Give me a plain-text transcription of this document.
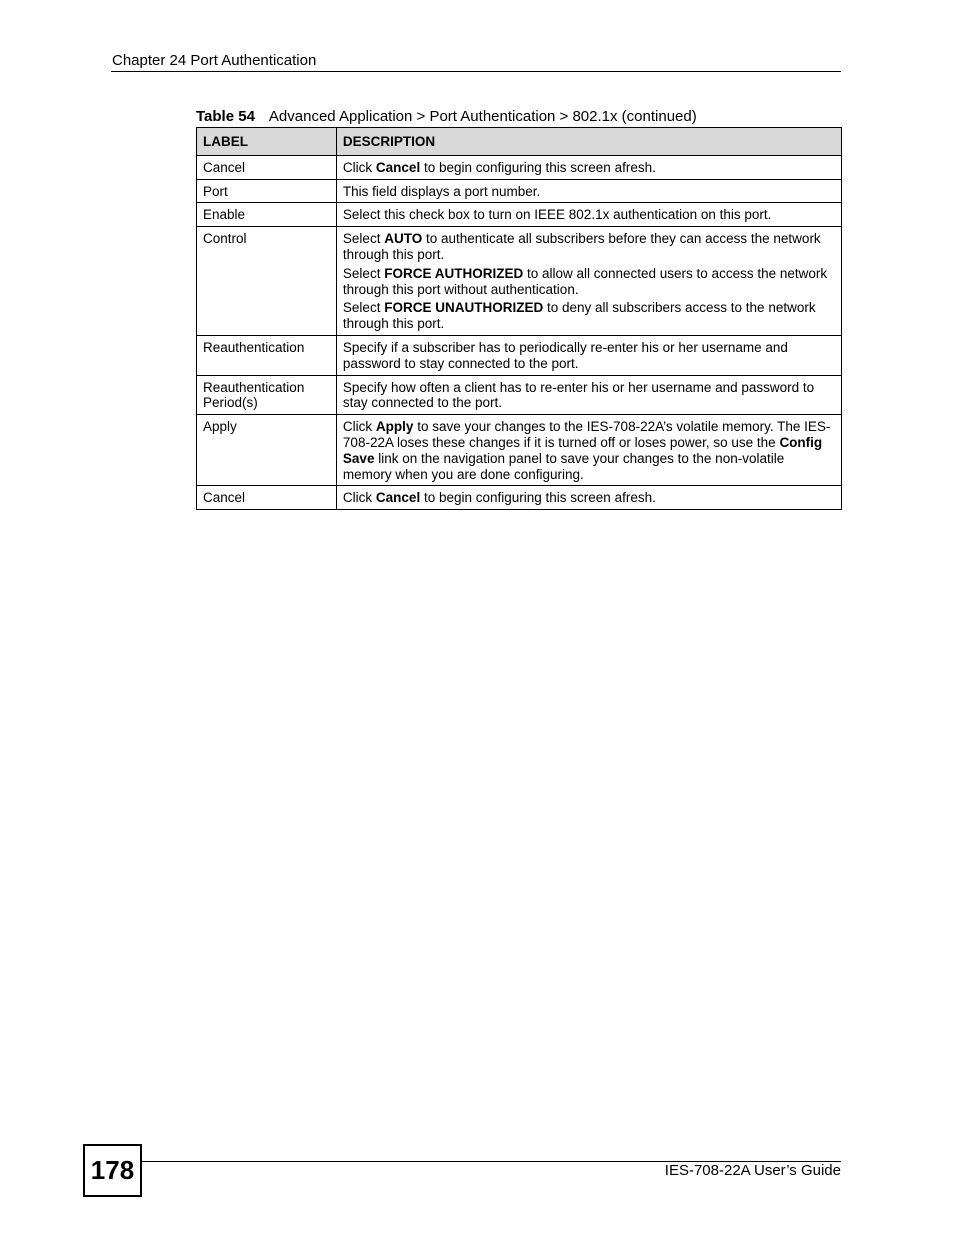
Chapter 24 Port Authentication
Table 54 Advanced Application > Port Authentication > 802.1x (continued)
LABEL	DESCRIPTION
Cancel	Click Cancel to begin configuring this screen afresh.

Port	This field displays a port number.

Enable	Select this check box to turn on IEEE 802.1x authentication on this port.

Control	Select AUTO to authenticate all subscribers before they can access the network through this port.
Select FORCE AUTHORIZED to allow all connected users to access the network through this port without authentication.
Select FORCE UNAUTHORIZED to deny all subscribers access to the network through this port.

Reauthentication	Specify if a subscriber has to periodically re-enter his or her username and password to stay connected to the port.

Reauthentication Period(s)	Specify how often a client has to re-enter his or her username and password to stay connected to the port.

Apply	Click Apply to save your changes to the IES-708-22A’s volatile memory. The IES-708-22A loses these changes if it is turned off or loses power, so use the Config Save link on the navigation panel to save your changes to the non-volatile memory when you are done configuring.

Cancel	Click Cancel to begin configuring this screen afresh.
178	IES-708-22A User’s Guide
